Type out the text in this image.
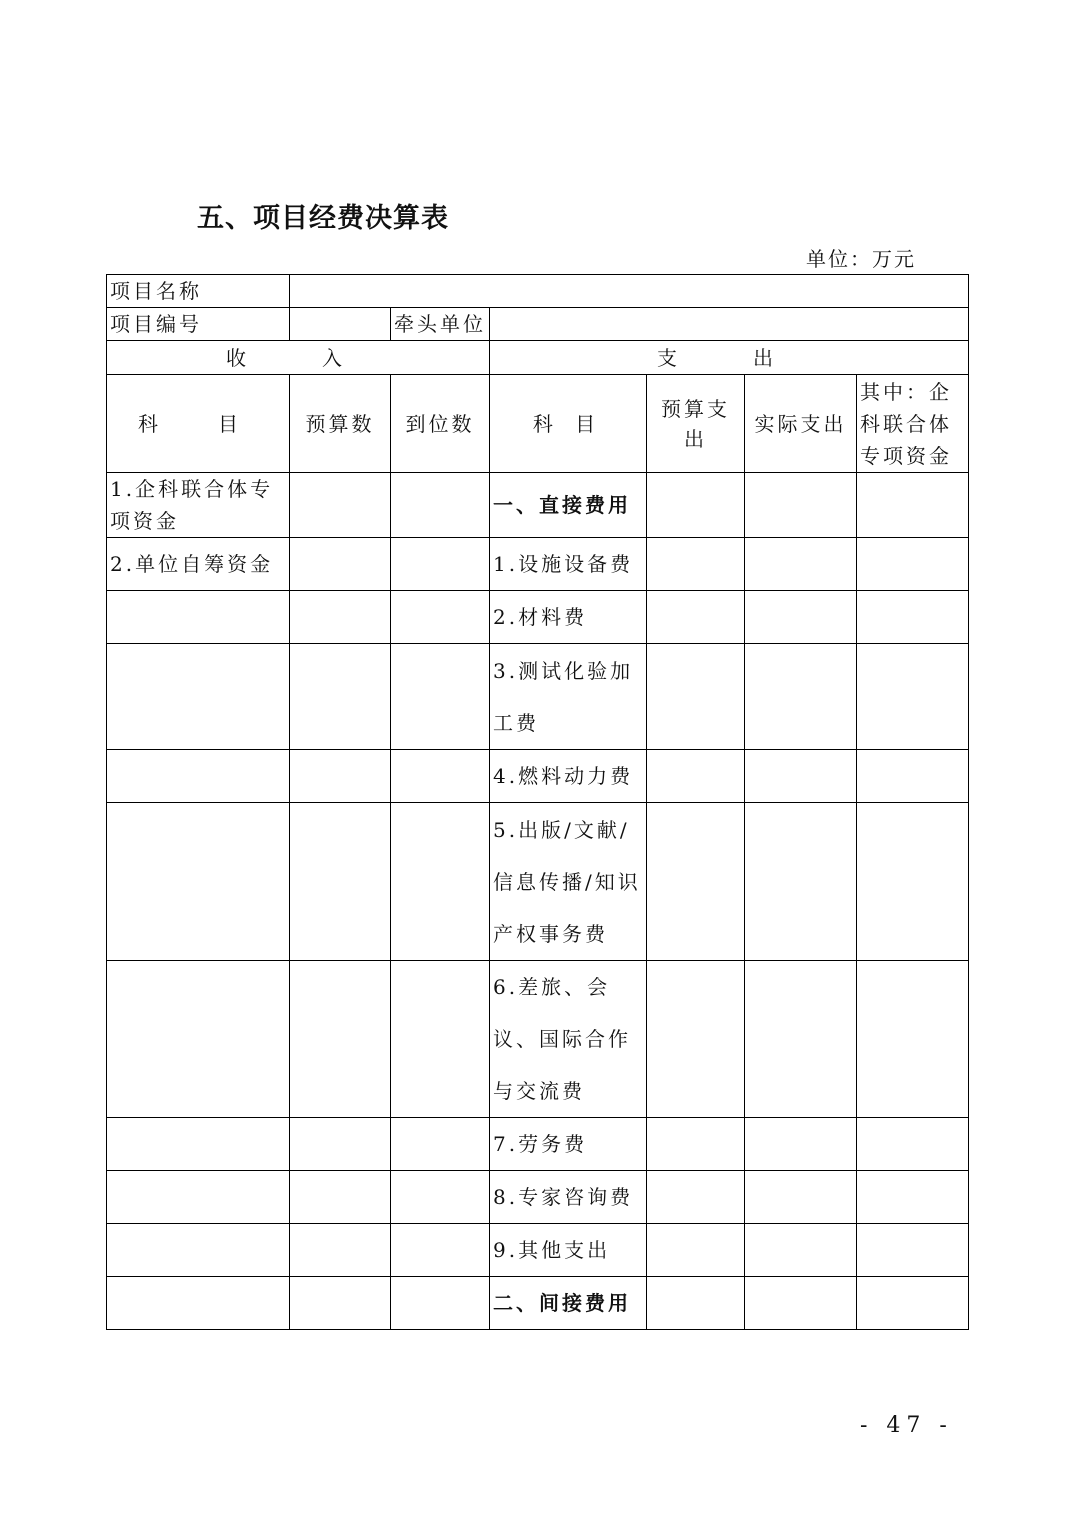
五、项目经费决算表
单位：万元
项目名称						
项目编号		牵头单位				
收　入			支　出			
科　目	预算数	到位数	科 目	预算支出	实际支出	其中：企科联合体专项资金
1.企科联合体专项资金			一、直接费用			
2.单位自筹资金			1.设施设备费			
			2.材料费			
			3.测试化验加工费			
			4.燃料动力费			
			5.出版/文献/信息传播/知识产权事务费			
			6.差旅、会议、国际合作与交流费			
			7.劳务费			
			8.专家咨询费			
			9.其他支出			
			二、间接费用			
- 47 -
